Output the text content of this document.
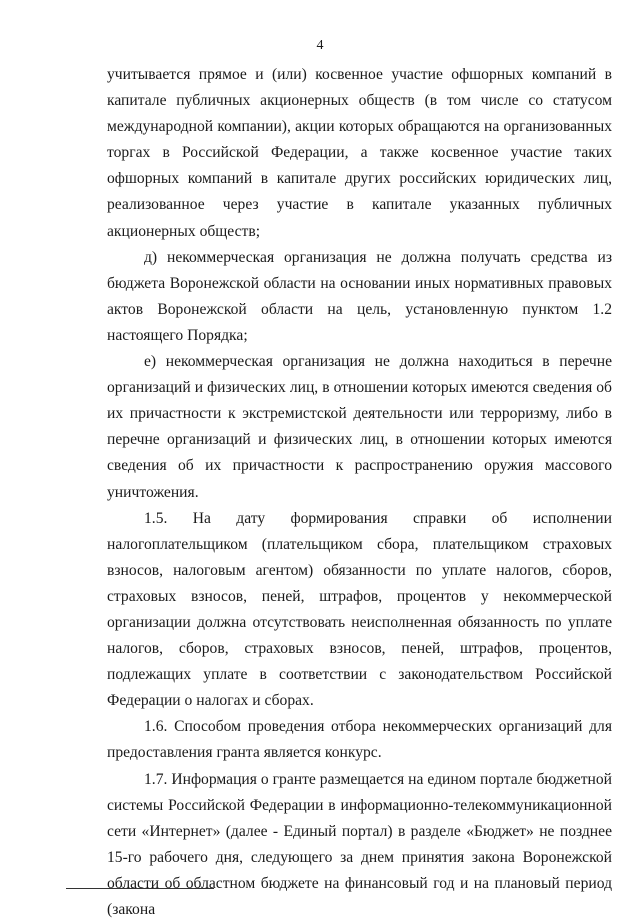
4

учитывается прямое и (или) косвенное участие офшорных компаний в капитале публичных акционерных обществ (в том числе со статусом международной компании), акции которых обращаются на организованных торгах в Российской Федерации, а также косвенное участие таких офшорных компаний в капитале других российских юридических лиц, реализованное через участие в капитале указанных публичных акционерных обществ;

д) некоммерческая организация не должна получать средства из бюджета Воронежской области на основании иных нормативных правовых актов Воронежской области на цель, установленную пунктом 1.2 настоящего Порядка;

е) некоммерческая организация не должна находиться в перечне организаций и физических лиц, в отношении которых имеются сведения об их причастности к экстремистской деятельности или терроризму, либо в перечне организаций и физических лиц, в отношении которых имеются сведения об их причастности к распространению оружия массового уничтожения.

1.5. На дату формирования справки об исполнении налогоплательщиком (плательщиком сбора, плательщиком страховых взносов, налоговым агентом) обязанности по уплате налогов, сборов, страховых взносов, пеней, штрафов, процентов у некоммерческой организации должна отсутствовать неисполненная обязанность по уплате налогов, сборов, страховых взносов, пеней, штрафов, процентов, подлежащих уплате в соответствии с законодательством Российской Федерации о налогах и сборах.

1.6. Способом проведения отбора некоммерческих организаций для предоставления гранта является конкурс.

1.7. Информация о гранте размещается на едином портале бюджетной системы Российской Федерации в информационно-телекоммуникационной сети «Интернет» (далее - Единый портал) в разделе «Бюджет» не позднее 15-го рабочего дня, следующего за днем принятия закона Воронежской области об областном бюджете на финансовый год и на плановый период (закона
